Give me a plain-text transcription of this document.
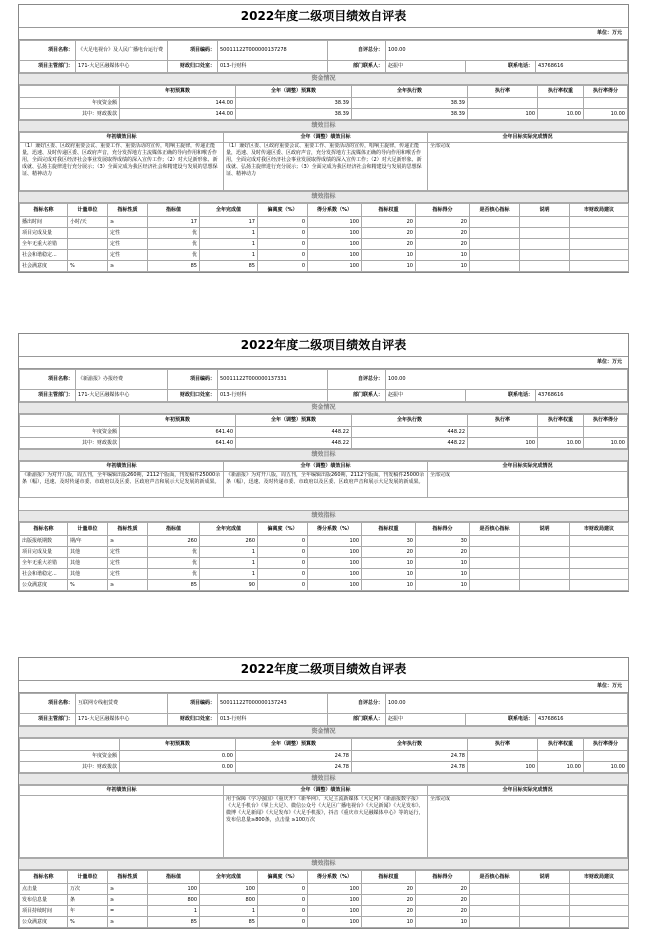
2022年度二级项目绩效自评表
单位：万元
项目名称：	《大足电视台》及人民广播电台运行费	项目编码：	50011122T000000137278	自评总分：	100.00		
项目主管部门：	171-大足区融媒体中心	财政归口处室：	013-行财科	部门联系人：	赵振中	联系电话：	43768616
资金情况
	年初预算数	全年（调整）预算数	全年执行数	执行率	执行率权重	执行率得分
年度资金额	144.00	38.39	38.39			
其中：财政拨款	144.00	38.39	38.39	100	10.00	10.00
绩效目标
年初绩效目标	全年（调整）绩效目标	全年目标实际完成情况

（1）兼好区委、区政府重要会议、重要工作、重要活动的宣传，唱响主旋律，传递正能量，迅速、及时传递区委、区政府声音，充分发挥地方主流媒体正确的导向作用和喉舌作用，全面完成对我区经济社会事业发展取得成绩的深入宣传工作；（2）对大足新形象、新成就、弘扬主旋律进行充分展示；（3）全面完成为我区经济社会和精建设与发展的思想保证、精神动力	（1）兼好区委、区政府重要会议、重要工作、重要活动的宣传，唱响主旋律，传递正能量，迅速、及时传递区委、区政府声音，充分发挥地方主流媒体正确的导向作用和喉舌作用，全面完成对我区经济社会事业发展取得成绩的深入宣传工作；（2）对大足新形象、新成就、弘扬主旋律进行充分展示；（3）全面完成为我区经济社会和精建设与发展的思想保证、精神动力	全部完成
绩效指标
指标名称	计量单位	指标性质	指标值	全年完成值	偏离度（%）	得分系数（%）	指标权重	指标得分	是否核心指标	说明	市财政局建议
播出时间	小时/天	≥	17	17	0	100	20	20			
项目完成及量		定性	优	1	0	100	20	20			
全年无重大差错		定性	优	1	0	100	20	20			
社会和谐稳定...		定性	优	1	0	100	10	10			
社会满意度	%	≥	85	85	0	100	10	10			
2022年度二级项目绩效自评表
单位：万元
项目名称：	《新渝报》办报经费	项目编码：	50011122T000000137331	自评总分：	100.00		
项目主管部门：	171-大足区融媒体中心	财政归口处室：	013-行财科	部门联系人：	赵振中	联系电话：	43768616
资金情况
	年初预算数	全年（调整）预算数	全年执行数	执行率	执行率权重	执行率得分
年度资金额	641.40	448.22	448.22			
其中：财政拨款	641.40	448.22	448.22	100	10.00	10.00
绩效目标
年初绩效目标	全年（调整）绩效目标	全年目标实际完成情况

《新渝报》为对开八版，周五刊，全年编辑出版260期，2112个版面，刊发稿件25000余条（幅），迅速、及时传递市委、市政府以及区委、区政府声音和展示大足发展的新成果。	《新渝报》为对开八版，周五刊，全年编辑出版260期，2112个版面，刊发稿件25000余条（幅），迅速、及时传递市委、市政府以及区委、区政府声音和展示大足发展的新成果。	全部完成
绩效指标
指标名称	计量单位	指标性质	指标值	全年完成值	偏离度（%）	得分系数（%）	指标权重	指标得分	是否核心指标	说明	市财政局建议
出版报纸期数	期/年	≥	260	260	0	100	30	30			
项目完成及量	其他	定性	优	1	0	100	20	20			
全年无重大差错	其他	定性	优	1	0	100	10	10			
社会和谐稳定...	其他	定性	优	1	0	100	10	10			
公众满意度	%	≥	85	90	0	100	10	10			
2022年度二级项目绩效自评表
单位：万元
项目名称：	互联网专线租赁费	项目编码：	50011122T000000137243	自评总分：	100.00		
项目主管部门：	171-大足区融媒体中心	财政归口处室：	013-行财科	部门联系人：	赵振中	联系电话：	43768616
资金情况
	年初预算数	全年（调整）预算数	全年执行数	执行率	执行率权重	执行率得分
年度资金额	0.00	24.78	24.78			
其中：财政拨款	0.00	24.78	24.78	100	10.00	10.00
绩效目标
年初绩效目标	全年（调整）绩效目标	全年目标实际完成情况

	用于保障《学习强国》《重庆开》《新华网》、大足主流新媒体《大足网》《新渝报数字报》《大足手机台》《掌上大足》、微信公众号《大足区广播电视台》《大足新闻》《大足发布》、微博《大足新闻》《大足发布》《大足手机报》，抖音《重庆市大足融媒体中心》等的运行，发布信息量≥800条，点击量 ≥100万次	全部完成
绩效指标
指标名称	计量单位	指标性质	指标值	全年完成值	偏离度（%）	得分系数（%）	指标权重	指标得分	是否核心指标	说明	市财政局建议
点击量	万次	≥	100	100	0	100	20	20			
发布信息量	条	≥	800	800	0	100	20	20			
项目持续时间	年	=	1	1	0	100	20	20			
公众满意度	%	≥	85	85	0	100	10	10			
